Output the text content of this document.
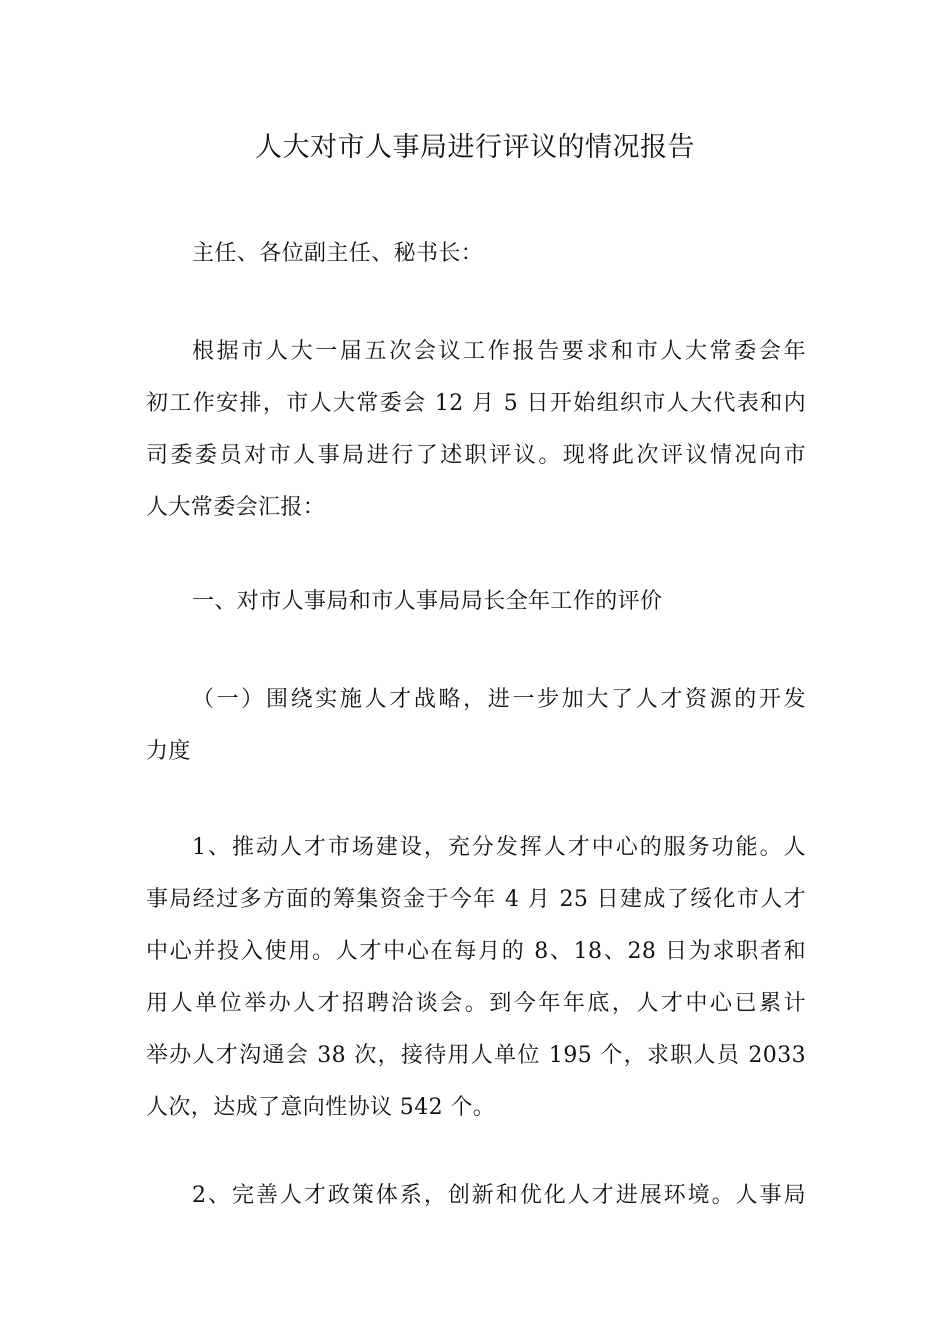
人大对市人事局进行评议的情况报告
主任、各位副主任、秘书长：
根据市人大一届五次会议工作报告要求和市人大常委会年
初工作安排，市人大常委会 12 月 5 日开始组织市人大代表和内
司委委员对市人事局进行了述职评议。现将此次评议情况向市
人大常委会汇报：
一、对市人事局和市人事局局长全年工作的评价
（一）围绕实施人才战略，进一步加大了人才资源的开发
力度
1、推动人才市场建设，充分发挥人才中心的服务功能。人
事局经过多方面的筹集资金于今年 4 月 25 日建成了绥化市人才
中心并投入使用。人才中心在每月的 8、18、28 日为求职者和
用人单位举办人才招聘洽谈会。到今年年底，人才中心已累计
举办人才沟通会 38 次，接待用人单位 195 个，求职人员 2033
人次，达成了意向性协议 542 个。
2、完善人才政策体系，创新和优化人才进展环境。人事局
